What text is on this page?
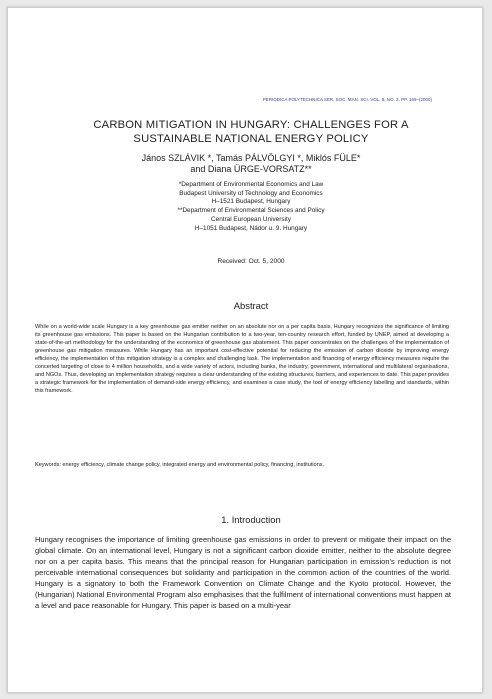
PERIODICA POLYTECHNICA SER. SOC. MAN. SCI. VOL. 8, NO. 2, PP. 169–(2000)
CARBON MITIGATION IN HUNGARY: CHALLENGES FOR A
SUSTAINABLE NATIONAL ENERGY POLICY
János SZLÁVIK *, Tamás PÁLVÖLGYI *, Miklós FÜLE*
and Diana ÜRGE-VORSATZ**
*Department of Environmental Economics and Law
Budapest University of Technology and Economics
H–1521 Budapest, Hungary
**Department of Environmental Sciences and Policy
Central European University
H–1051 Budapest, Nádor u. 9. Hungary
Received: Oct. 5, 2000
Abstract

While on a world-wide scale Hungary is a key greenhouse gas emitter neither on an absolute nor on a per capita basis, Hungary recognizes the significance of limiting its greenhouse gas emissions. This paper is based on the Hungarian contribution to a two-year, ten-country research effort, funded by UNEP, aimed at developing a state-of-the-art methodology for the understanding of the economics of greenhouse gas abatement. This paper concentrates on the challenges of the implementation of greenhouse gas mitigation measures. While Hungary has an important cost-effective potential for reducing the emission of carbon dioxide by improving energy efficiency, the implementation of this mitigation strategy is a complex and challenging task. The implementation and financing of energy efficiency measures require the concerted targeting of close to 4 million households, and a wide variety of actors, including banks, the industry, government, international and multilateral organisations, and NGOs. Thus, developing an implementation strategy requires a clear understanding of the existing structures, barriers, and experiences to date. This paper provides a strategic framework for the implementation of demand-side energy efficiency, and examines a case study, the tool of energy efficiency labelling and standards, within this framework.

Keywords: energy efficiency, climate change policy, integrated energy and environmental policy, financing, institutions.

1. Introduction

Hungary recognises the importance of limiting greenhouse gas emissions in order to prevent or mitigate their impact on the global climate. On an international level, Hungary is not a significant carbon dioxide emitter, neither to the absolute degree nor on a per capita basis. This means that the principal reason for Hungarian participation in emission's reduction is not perceivable international consequences but solidarity and participation in the common action of the countries of the world. Hungary is a signatory to both the Framework Convention on Climate Change and the Kyoto protocol. However, the (Hungarian) National Environmental Program also emphasises that the fulfilment of international conventions must happen at a level and pace reasonable for Hungary. This paper is based on a multi-year
